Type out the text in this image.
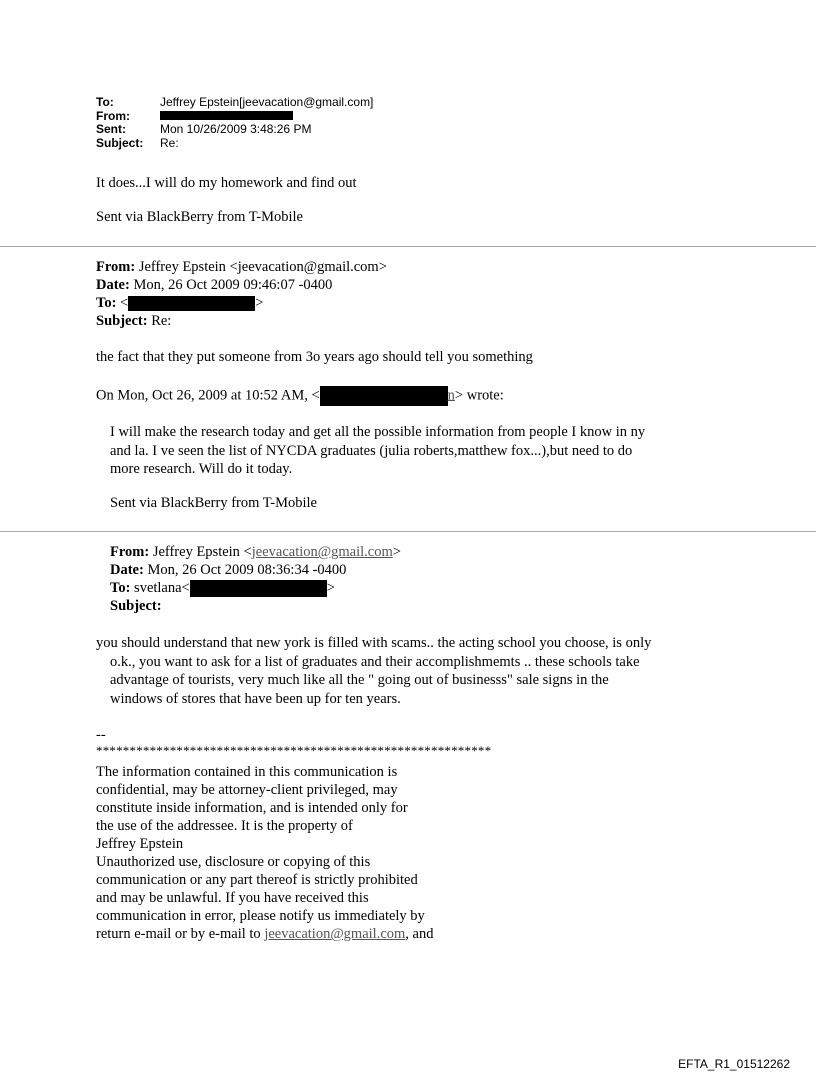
To:	Jeffrey Epstein[jeevacation@gmail.com]
From:
Sent:	Mon 10/26/2009 3:48:26 PM
Subject:	Re:
It does...I will do my homework and find out
Sent via BlackBerry from T-Mobile
From: Jeffrey Epstein <jeevacation@gmail.com>
Date: Mon, 26 Oct 2009 09:46:07 -0400
To: <	>
Subject: Re:
the fact that they put someone from 3o years ago should tell you something
On Mon, Oct 26, 2009 at 10:52 AM, <	n> wrote:
I will make the research today and get all the possible information from people I know in ny
and la. I ve seen the list of NYCDA graduates (julia roberts,matthew fox...),but need to do
more research. Will do it today.
Sent via BlackBerry from T-Mobile
From: Jeffrey Epstein <jeevacation@gmail.com>
Date: Mon, 26 Oct 2009 08:36:34 -0400
To: svetlana<	>
Subject:
you should understand that new york is filled with scams.. the acting school you choose, is only
o.k., you want to ask for a list of graduates and their accomplishmemts .. these schools take
advantage of tourists, very much like all the " going out of businesss" sale signs in the
windows of stores that have been up for ten years.
--
***********************************************************
The information contained in this communication is
confidential, may be attorney-client privileged, may
constitute inside information, and is intended only for
the use of the addressee. It is the property of
Jeffrey Epstein
Unauthorized use, disclosure or copying of this
communication or any part thereof is strictly prohibited
and may be unlawful. If you have received this
communication in error, please notify us immediately by
return e-mail or by e-mail to jeevacation@gmail.com, and
EFTA_R1_01512262
